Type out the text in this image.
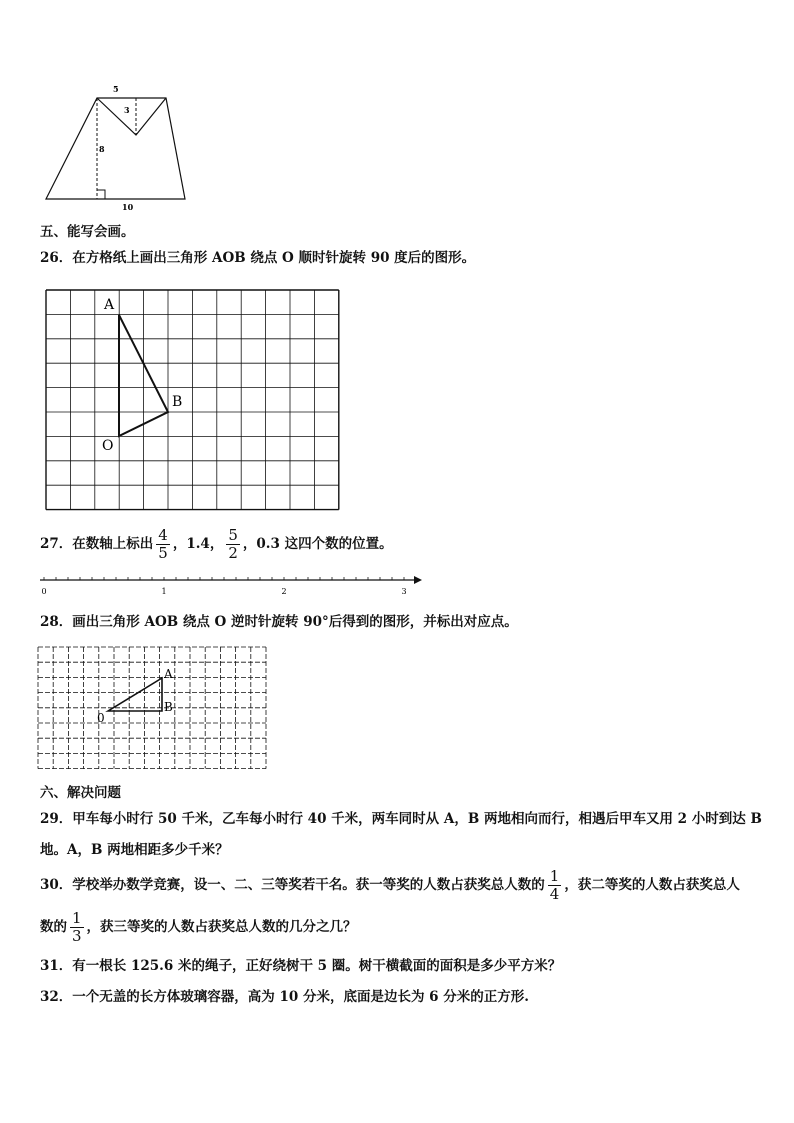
5
3
8
10
五、能写会画。
26．在方格纸上画出三角形 AOB 绕点 O 顺时针旋转 90 度后的图形。
A
B
O
27．在数轴上标出 $\frac{4}{5}$ ，1.4， $\frac{5}{2}$ ，0.3 这四个数的位置。
0	1	2	3
28．画出三角形 AOB 绕点 O 逆时针旋转 90°后得到的图形，并标出对应点。
A
B
0
六、解决问题
29．甲车每小时行 50 千米，乙车每小时行 40 千米，两车同时从 A，B 两地相向而行，相遇后甲车又用 2 小时到达 B
地。A，B 两地相距多少千米？
30．学校举办数学竞赛，设一、二、三等奖若干名。获一等奖的人数占获奖总人数的 $\frac{1}{4}$ ，获二等奖的人数占获奖总人
数的 $\frac{1}{3}$ ，获三等奖的人数占获奖总人数的几分之几？
31．有一根长 125.6 米的绳子，正好绕树干 5 圈。树干横截面的面积是多少平方米？
32．一个无盖的长方体玻璃容器，高为 10 分米，底面是边长为 6 分米的正方形.
